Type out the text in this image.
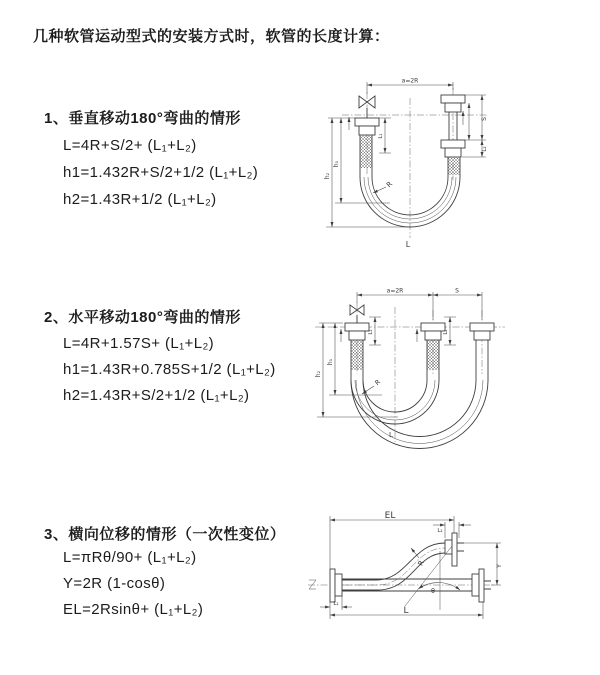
几种软管运动型式的安装方式时，软管的长度计算：
1、垂直移动180°弯曲的情形
L=4R+S/2+ (L₁+L₂)
h1=1.432R+S/2+1/2 (L₁+L₂)
h2=1.43R+1/2 (L₁+L₂)
a=2R
h₂
h₁
L₁
S
L₂
R
L
2、水平移动180°弯曲的情形
L=4R+1.57S+ (L₁+L₂)
h1=1.43R+0.785S+1/2 (L₁+L₂)
h2=1.43R+S/2+1/2 (L₁+L₂)
a=2R	S
h₂
h₁
L₁	L₂
R
L
3、横向位移的情形（一次性变位）
L=πRθ/90+ (L₁+L₂)
Y=2R (1-cosθ)
EL=2Rsinθ+ (L₁+L₂)
EL
L₂
Y
R
θ
L
L₁
